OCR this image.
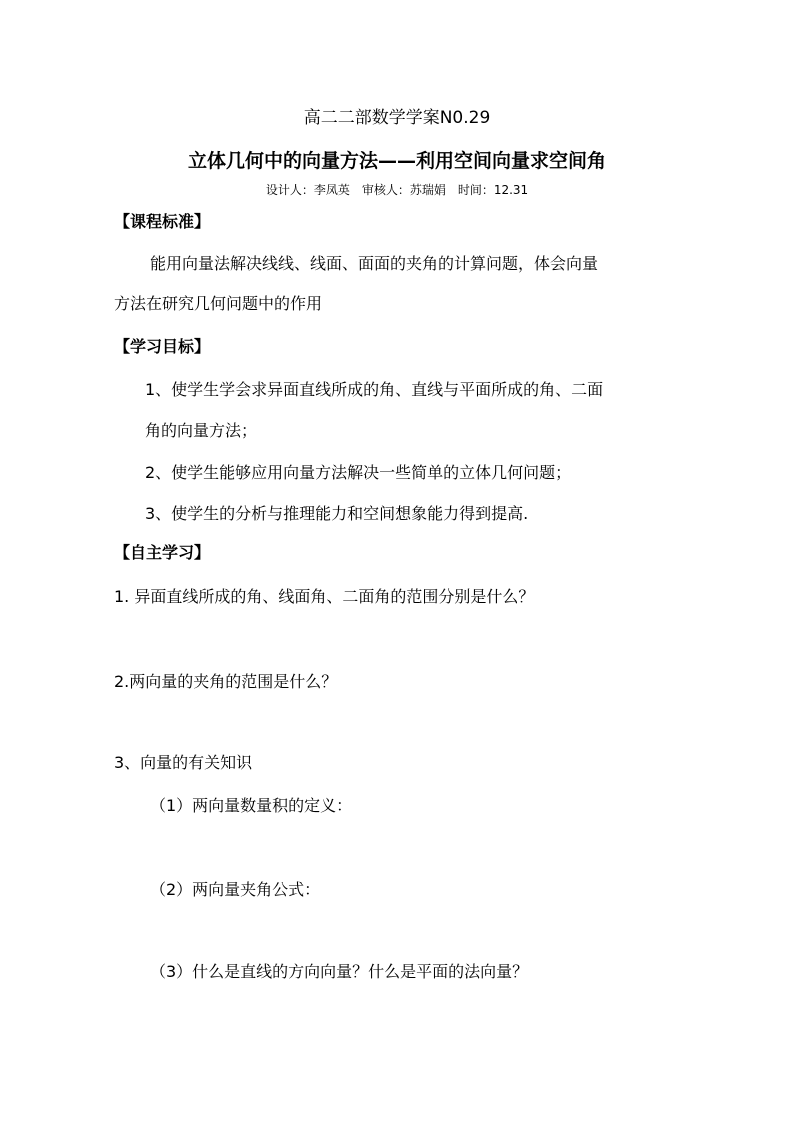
高二二部数学学案N0.29
立体几何中的向量方法——利用空间向量求空间角
设计人：李凤英　审核人：苏瑞娟　时间：12.31
【课程标准】
能用向量法解决线线、线面、面面的夹角的计算问题，体会向量
方法在研究几何问题中的作用
【学习目标】
1、使学生学会求异面直线所成的角、直线与平面所成的角、二面
角的向量方法；
2、使学生能够应用向量方法解决一些简单的立体几何问题；
3、使学生的分析与推理能力和空间想象能力得到提高.
【自主学习】
1. 异面直线所成的角、线面角、二面角的范围分别是什么？
2.两向量的夹角的范围是什么？
3、向量的有关知识
（1）两向量数量积的定义：
（2）两向量夹角公式：
（3）什么是直线的方向向量？什么是平面的法向量？
